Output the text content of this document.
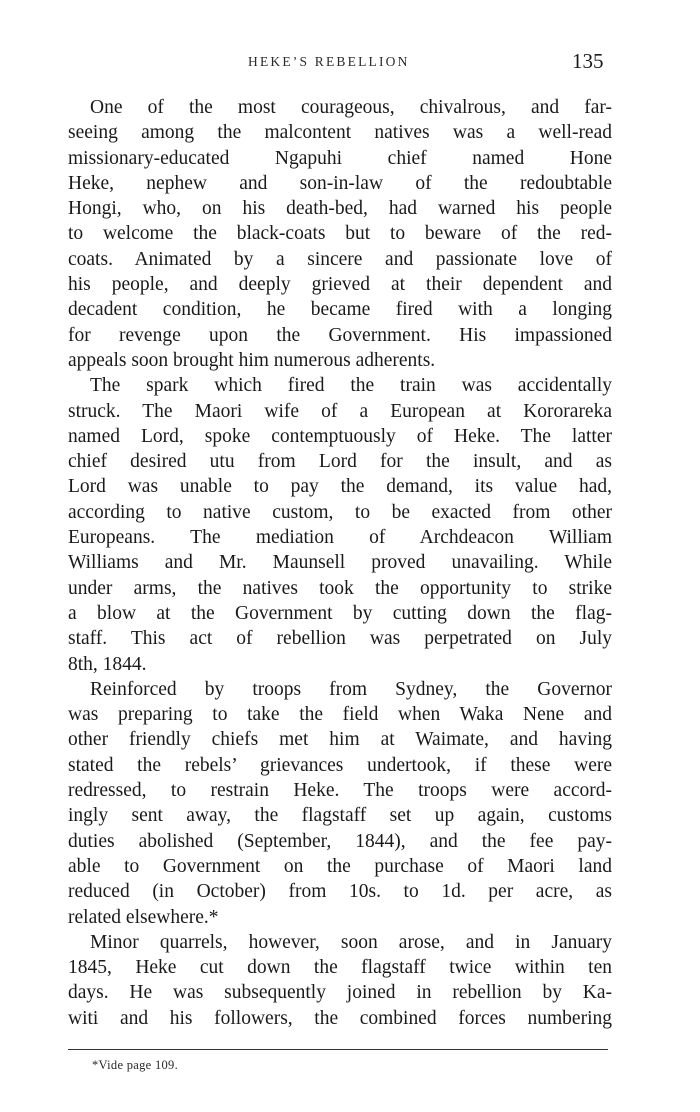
HEKE’S REBELLION	135
One of the most courageous, chivalrous, and far-
seeing among the malcontent natives was a well-read
missionary-educated Ngapuhi chief named Hone
Heke, nephew and son-in-law of the redoubtable
Hongi, who, on his death-bed, had warned his people
to welcome the black-coats but to beware of the red-
coats. Animated by a sincere and passionate love of
his people, and deeply grieved at their dependent and
decadent condition, he became fired with a longing
for revenge upon the Government. His impassioned
appeals soon brought him numerous adherents.
The spark which fired the train was accidentally
struck. The Maori wife of a European at Kororareka
named Lord, spoke contemptuously of Heke. The latter
chief desired utu from Lord for the insult, and as
Lord was unable to pay the demand, its value had,
according to native custom, to be exacted from other
Europeans. The mediation of Archdeacon William
Williams and Mr. Maunsell proved unavailing. While
under arms, the natives took the opportunity to strike
a blow at the Government by cutting down the flag-
staff. This act of rebellion was perpetrated on July
8th, 1844.
Reinforced by troops from Sydney, the Governor
was preparing to take the field when Waka Nene and
other friendly chiefs met him at Waimate, and having
stated the rebels’ grievances undertook, if these were
redressed, to restrain Heke. The troops were accord-
ingly sent away, the flagstaff set up again, customs
duties abolished (September, 1844), and the fee pay-
able to Government on the purchase of Maori land
reduced (in October) from 10s. to 1d. per acre, as
related elsewhere.*
Minor quarrels, however, soon arose, and in January
1845, Heke cut down the flagstaff twice within ten
days. He was subsequently joined in rebellion by Ka-
witi and his followers, the combined forces numbering
*Vide page 109.
